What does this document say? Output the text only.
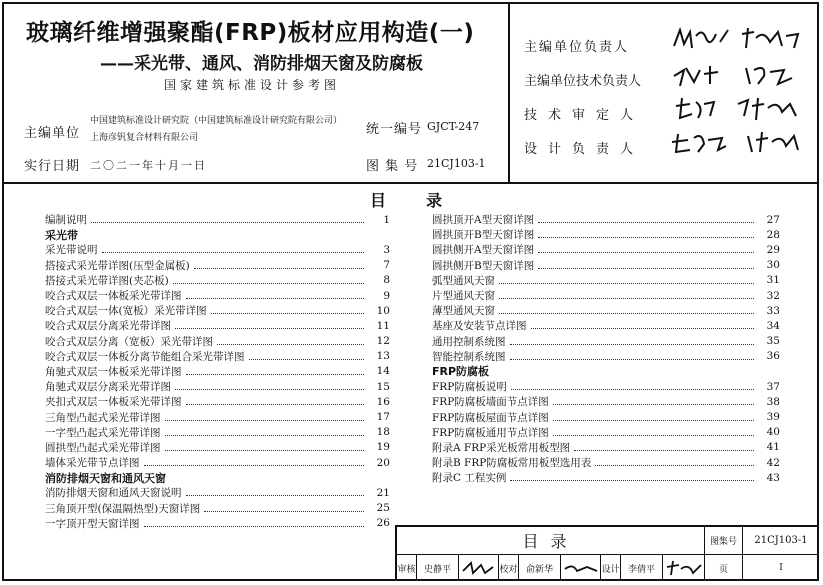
玻璃纤维增强聚酯(FRP)板材应用构造(一)
——采光带、通风、消防排烟天窗及防腐板
国家建筑标准设计参考图
主编单位
中国建筑标准设计研究院（中国建筑标准设计研究院有限公司）
上海彦钒复合材料有限公司
统一编号 GJCT-247
实行日期 二〇二一年十月一日	图 集 号 21CJ103-1
主编单位负责人
主编单位技术负责人
技术审定人
设计负责人
目录
编制说明	1
采光带
采光带说明	3
搭接式采光带详图(压型金属板)	7
搭接式采光带详图(夹芯板)	8
咬合式双层一体板采光带详图	9
咬合式双层一体(宽板）采光带详图	10
咬合式双层分离采光带详图	11
咬合式双层分离（宽板）采光带详图	12
咬合式双层一体板分离节能组合采光带详图	13
角驰式双层一体板采光带详图	14
角驰式双层分离采光带详图	15
夹扣式双层一体板采光带详图	16
三角型凸起式采光带详图	17
一字型凸起式采光带详图	18
圆拱型凸起式采光带详图	19
墙体采光带节点详图	20
消防排烟天窗和通风天窗
消防排烟天窗和通风天窗说明	21
三角顶开型(保温隔热型)天窗详图	25
一字顶开型天窗详图	26
圆拱顶开A型天窗详图	27
圆拱顶开B型天窗详图	28
圆拱侧开A型天窗详图	29
圆拱侧开B型天窗详图	30
弧型通风天窗	31
片型通风天窗	32
薄型通风天窗	33
基座及安装节点详图	34
通用控制系统图	35
智能控制系统图	36
FRP防腐板
FRP防腐板说明	37
FRP防腐板墙面节点详图	38
FRP防腐板屋面节点详图	39
FRP防腐板通用节点详图	40
附录A FRP采光板常用板型图	41
附录B FRP防腐板常用板型选用表	42
附录C 工程实例	43
目录	图集号	21CJ103-1
审核 史静平	校对 俞新华	设计 李倩平	页	I
